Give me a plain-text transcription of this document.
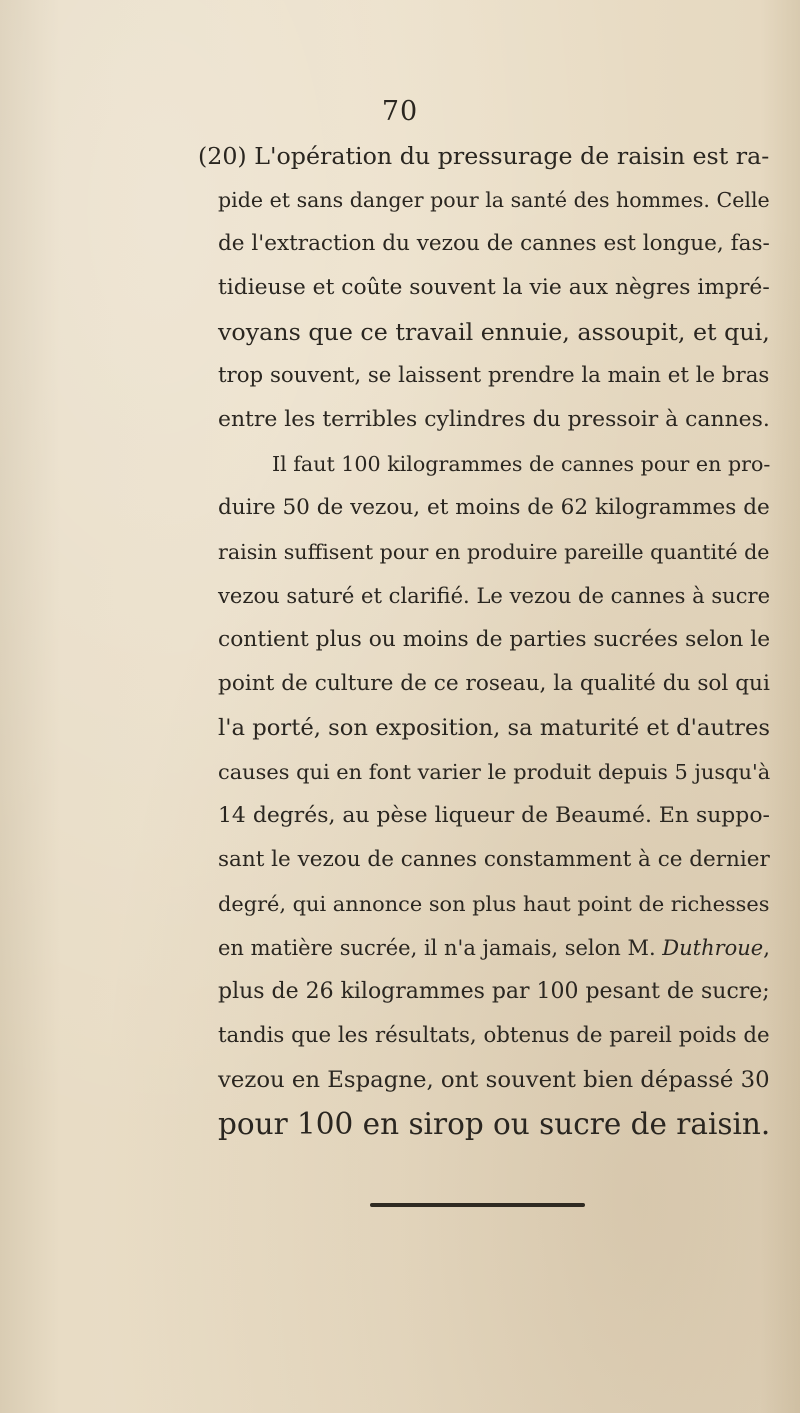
70

(20) L'opération du pressurage de raisin est ra-

pide et sans danger pour la santé des hommes. Celle

de l'extraction du vezou de cannes est longue, fas-

tidieuse et coûte souvent la vie aux nègres impré-

voyans que ce travail ennuie, assoupit, et qui,

trop souvent, se laissent prendre la main et le bras

entre les terribles cylindres du pressoir à cannes.

Il faut 100 kilogrammes de cannes pour en pro-

duire 50 de vezou, et moins de 62 kilogrammes de

raisin suffisent pour en produire pareille quantité de

vezou saturé et clarifié. Le vezou de cannes à sucre

contient plus ou moins de parties sucrées selon le

point de culture de ce roseau, la qualité du sol qui

l'a porté, son exposition, sa maturité et d'autres

causes qui en font varier le produit depuis 5 jusqu'à

14 degrés, au pèse liqueur de Beaumé. En suppo-

sant le vezou de cannes constamment à ce dernier

degré, qui annonce son plus haut point de richesses

en matière sucrée, il n'a jamais, selon M. Duthroue,

plus de 26 kilogrammes par 100 pesant de sucre;

tandis que les résultats, obtenus de pareil poids de

vezou en Espagne, ont souvent bien dépassé 30

pour 100 en sirop ou sucre de raisin.
